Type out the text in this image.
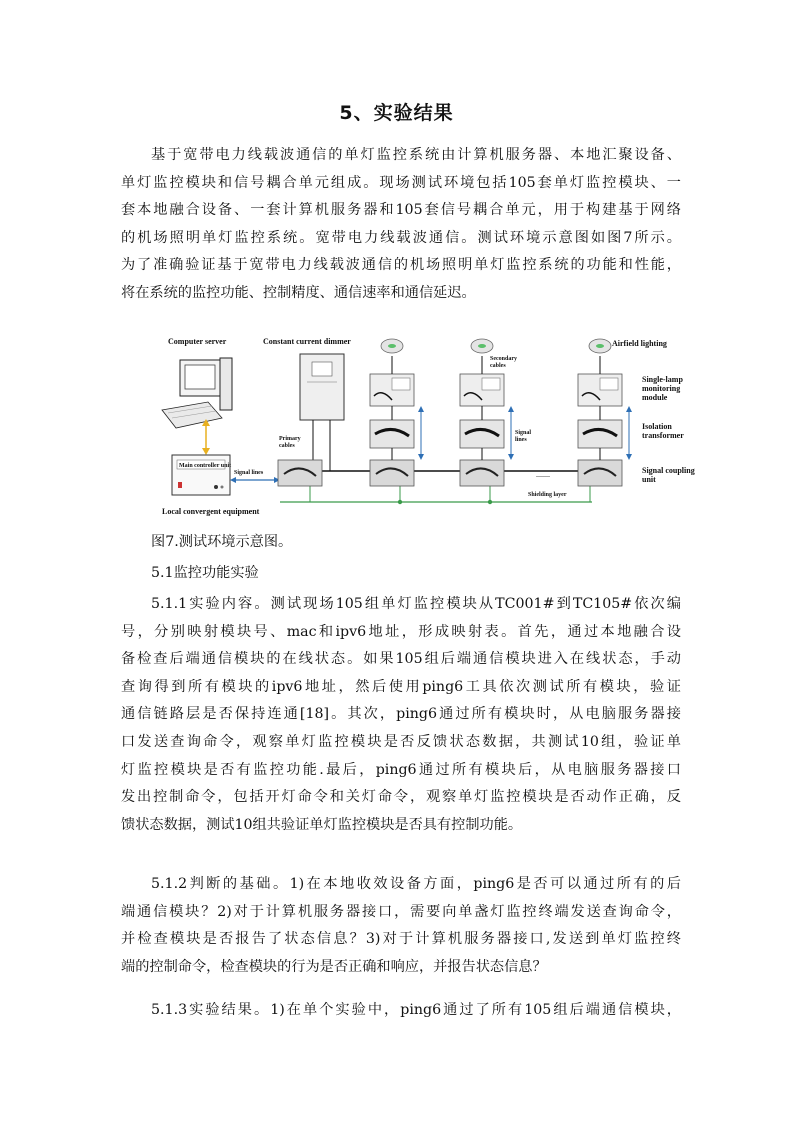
5、实验结果
基于宽带电力线载波通信的单灯监控系统由计算机服务器、本地汇聚设备、
单灯监控模块和信号耦合单元组成。现场测试环境包括105套单灯监控模块、一
套本地融合设备、一套计算机服务器和105套信号耦合单元，用于构建基于网络
的机场照明单灯监控系统。宽带电力线载波通信。测试环境示意图如图7所示。
为了准确验证基于宽带电力线载波通信的机场照明单灯监控系统的功能和性能，
将在系统的监控功能、控制精度、通信速率和通信延迟。
Computer server
Main controller unit
Local convergent equipment
Signal lines
Constant current dimmer
Primary
cables
.......
Shielding layer
Airfield lighting
Secondary
cables
Single-lamp
monitoring
module
Isolation
transformer
Signal
lines
Signal coupling
unit
图7.测试环境示意图。
5.1监控功能实验
5.1.1实验内容。测试现场105组单灯监控模块从TC001#到TC105#依次编
号，分别映射模块号、mac和ipv6地址，形成映射表。首先，通过本地融合设
备检查后端通信模块的在线状态。如果105组后端通信模块进入在线状态，手动
查询得到所有模块的ipv6地址，然后使用ping6工具依次测试所有模块，验证
通信链路层是否保持连通[18]。其次，ping6通过所有模块时，从电脑服务器接
口发送查询命令，观察单灯监控模块是否反馈状态数据，共测试10组，验证单
灯监控模块是否有监控功能.最后，ping6通过所有模块后，从电脑服务器接口
发出控制命令，包括开灯命令和关灯命令，观察单灯监控模块是否动作正确，反
馈状态数据，测试10组共验证单灯监控模块是否具有控制功能。
5.1.2判断的基础。1)在本地收效设备方面，ping6是否可以通过所有的后
端通信模块？2)对于计算机服务器接口，需要向单盏灯监控终端发送查询命令，
并检查模块是否报告了状态信息？3)对于计算机服务器接口,发送到单灯监控终
端的控制命令，检查模块的行为是否正确和响应，并报告状态信息？
5.1.3实验结果。1)在单个实验中，ping6通过了所有105组后端通信模块，
